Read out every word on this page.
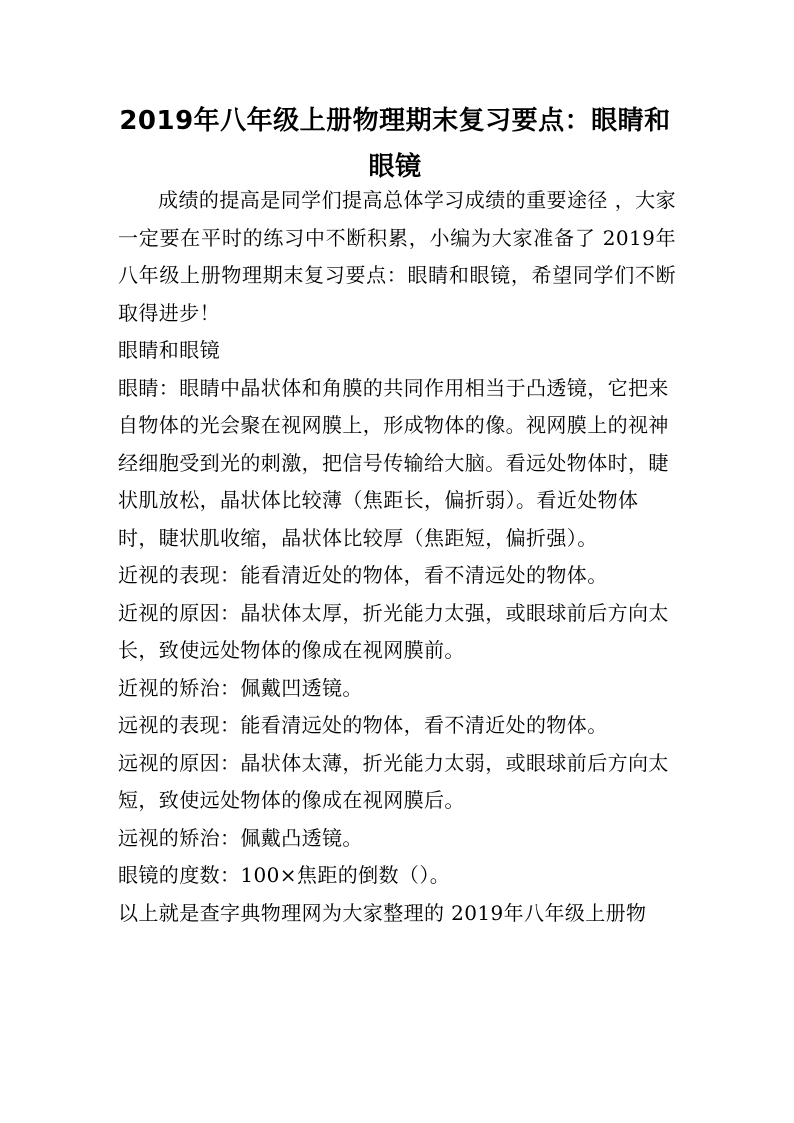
2019年八年级上册物理期末复习要点：眼睛和眼镜

成绩的提高是同学们提高总体学习成绩的重要途径 ，大家一定要在平时的练习中不断积累，小编为大家准备了 2019年八年级上册物理期末复习要点：眼睛和眼镜，希望同学们不断取得进步！

眼睛和眼镜

眼睛：眼睛中晶状体和角膜的共同作用相当于凸透镜，它把来自物体的光会聚在视网膜上，形成物体的像。视网膜上的视神经细胞受到光的刺激，把信号传输给大脑。看远处物体时，睫状肌放松，晶状体比较薄（焦距长，偏折弱）。看近处物体时，睫状肌收缩，晶状体比较厚（焦距短，偏折强）。

近视的表现：能看清近处的物体，看不清远处的物体。

近视的原因：晶状体太厚，折光能力太强，或眼球前后方向太长，致使远处物体的像成在视网膜前。

近视的矫治：佩戴凹透镜。

远视的表现：能看清远处的物体，看不清近处的物体。

远视的原因：晶状体太薄，折光能力太弱，或眼球前后方向太短，致使远处物体的像成在视网膜后。

远视的矫治：佩戴凸透镜。

眼镜的度数：100×焦距的倒数（）。

以上就是查字典物理网为大家整理的 2019年八年级上册物
